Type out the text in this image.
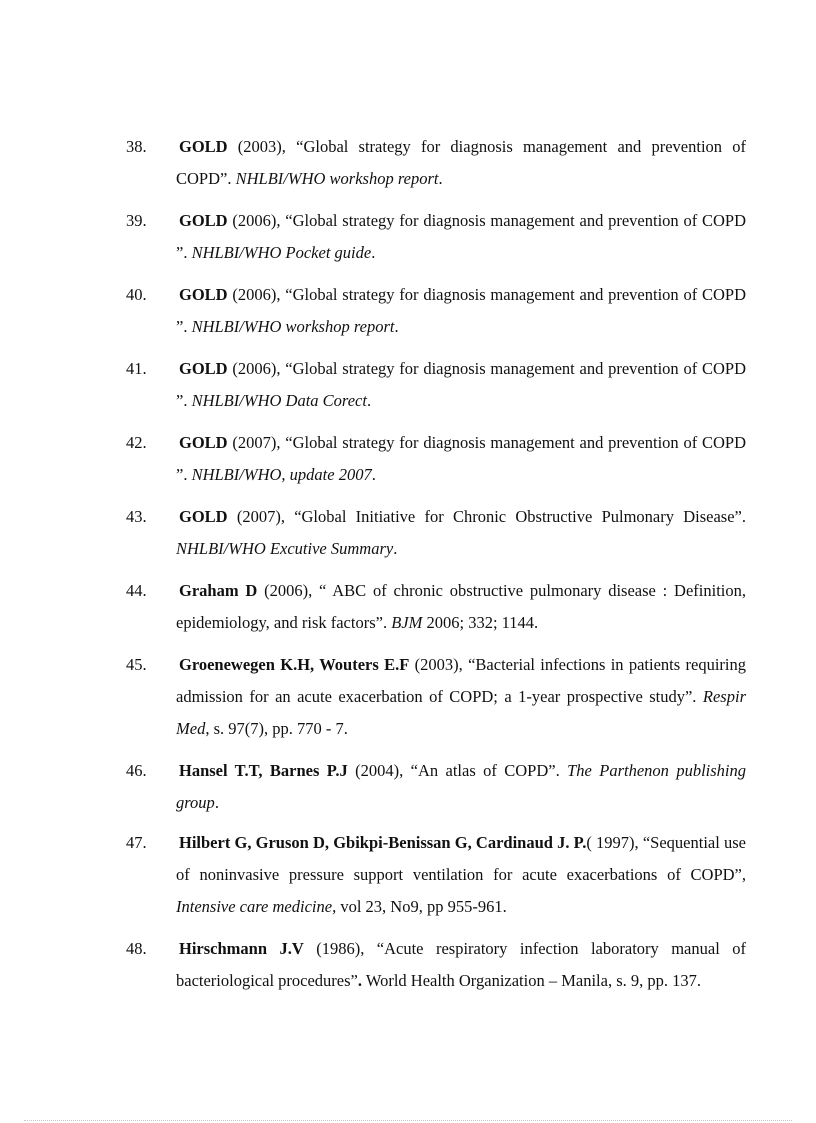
38.	GOLD (2003), “Global strategy for diagnosis management and prevention of COPD”. NHLBI/WHO workshop report.
39.	GOLD (2006), “Global strategy for diagnosis management and prevention of COPD ”. NHLBI/WHO Pocket guide.
40.	GOLD (2006), “Global strategy for diagnosis management and prevention of COPD ”. NHLBI/WHO workshop report.
41.	GOLD (2006), “Global strategy for diagnosis management and prevention of COPD ”. NHLBI/WHO Data Corect.
42.	GOLD (2007), “Global strategy for diagnosis management and prevention of COPD ”. NHLBI/WHO, update 2007.
43.	GOLD (2007), “Global Initiative for Chronic Obstructive Pulmonary Disease”. NHLBI/WHO Excutive Summary.
44.	Graham D (2006), “ ABC of chronic obstructive pulmonary disease : Definition, epidemiology, and risk factors”. BJM 2006; 332; 1144.
45.	Groenewegen K.H, Wouters E.F (2003), “Bacterial infections in patients requiring admission for an acute exacerbation of COPD; a 1-year prospective study”. Respir Med, s. 97(7), pp. 770 - 7.
46.	Hansel T.T, Barnes P.J (2004), “An atlas of COPD”. The Parthenon publishing group.
47.	Hilbert G, Gruson D, Gbikpi-Benissan G, Cardinaud J. P.( 1997), “Sequential use of noninvasive pressure support ventilation for acute exacerbations of COPD”, Intensive care medicine, vol 23, No9, pp 955-961.
48.	Hirschmann J.V (1986), “Acute respiratory infection laboratory manual of bacteriological procedures”. World Health Organization – Manila, s. 9, pp. 137.
